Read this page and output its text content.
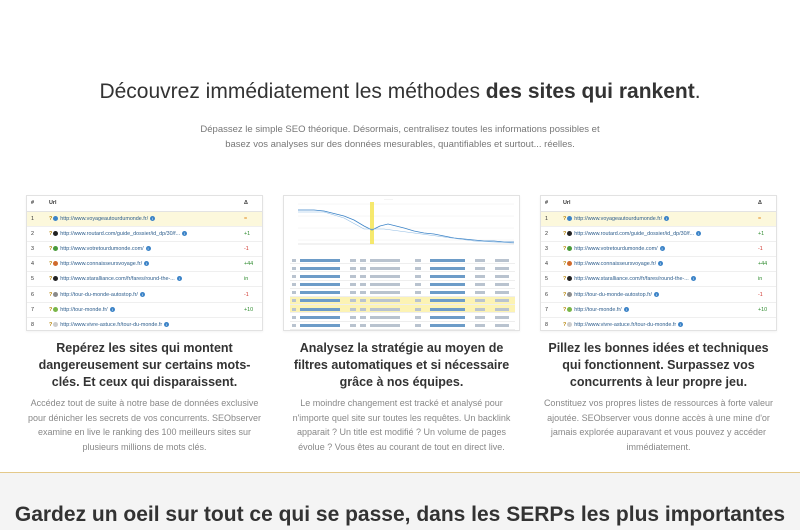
Découvrez immédiatement les méthodes des sites qui rankent.

Dépassez le simple SEO théorique. Désormais, centralisez toutes les informations possibles et basez vos analyses sur des données mesurables, quantifiables et surtout... réelles.

#	Url	Δ
1	? http://www.voyageautourdumonde.fr/ i	=
2	? http://www.routard.com/guide_dossier/id_dp/30/f... i	+1
3	? http://www.votretourdumonde.com/ i	-1
4	? http://www.connaisseursvoyage.fr/ i	+44
5	? http://www.staralliance.com/fr/fares/round-the-... i	in
6	? http://tour-du-monde-autostop.fr/ i	-1
7	? http://tour-monde.fr/ i	+10
8	? http://www.vivre-astuce.fr/tour-du-monde.fr i	
·········
#	Url	Δ
1	? http://www.voyageautourdumonde.fr/ i	=
2	? http://www.routard.com/guide_dossier/id_dp/30/f... i	+1
3	? http://www.votretourdumonde.com/ i	-1
4	? http://www.connaisseursvoyage.fr/ i	+44
5	? http://www.staralliance.com/fr/fares/round-the-... i	in
6	? http://tour-du-monde-autostop.fr/ i	-1
7	? http://tour-monde.fr/ i	+10
8	? http://www.vivre-astuce.fr/tour-du-monde.fr i	
Repérez les sites qui montent dangereusement sur certains mots-clés. Et ceux qui disparaissent.

Accédez tout de suite à notre base de données exclusive pour dénicher les secrets de vos concurrents. SEObserver examine en live le ranking des 100 meilleurs sites sur plusieurs millions de mots clés.

Analysez la stratégie au moyen de filtres automatiques et si nécessaire grâce à nos équipes.

Le moindre changement est tracké et analysé pour n'importe quel site sur toutes les requêtes. Un backlink apparait ? Un title est modifié ? Un volume de pages évolue ? Vous êtes au courant de tout en direct live.

Pillez les bonnes idées et techniques qui fonctionnent. Surpassez vos concurrents à leur propre jeu.

Constituez vos propres listes de ressources à forte valeur ajoutée. SEObserver vous donne accès à une mine d'or jamais explorée auparavant et vous pouvez y accéder immédiatement.

Gardez un oeil sur tout ce qui se passe, dans les SERPs les plus importantes
